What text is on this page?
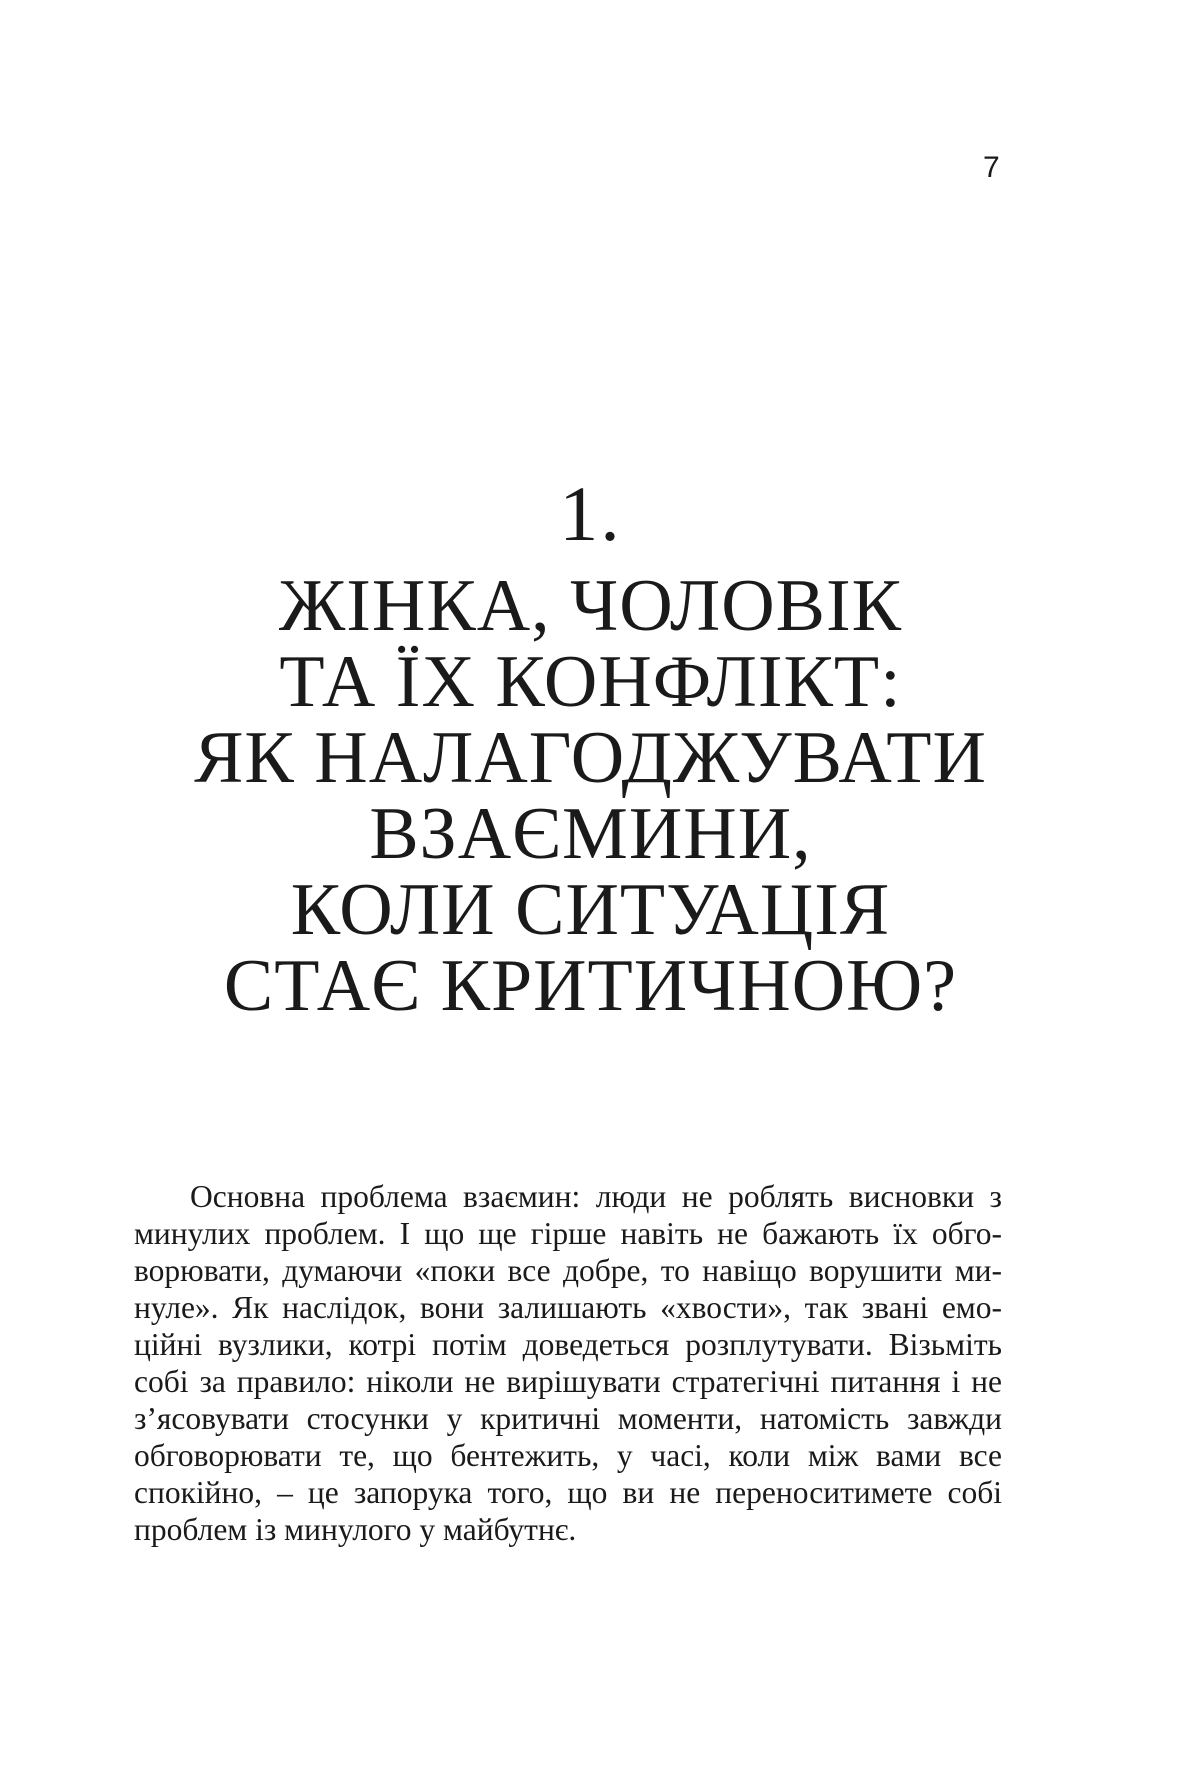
7
1.
ЖІНКА, ЧОЛОВІК
ТА ЇХ КОНФЛІКТ:
ЯК НАЛАГОДЖУВАТИ
ВЗАЄМИНИ,
КОЛИ СИТУАЦІЯ
СТАЄ КРИТИЧНОЮ?

Основна проблема взаємин: люди не роблять висновки з минулих проблем. І що ще гірше навіть не бажають їх обговорювати, думаючи «поки все добре, то навіщо ворушити минуле». Як наслідок, вони залишають «хвости», так звані емоційні вузлики, котрі потім доведеться розплутувати. Візьміть собі за правило: ніколи не вирішувати стратегічні питання і не з’ясовувати стосунки у критичні моменти, натомість завжди обговорювати те, що бентежить, у часі, коли між вами все спокійно, – це запорука того, що ви не переноситимете собі проблем із минулого у майбутнє.
